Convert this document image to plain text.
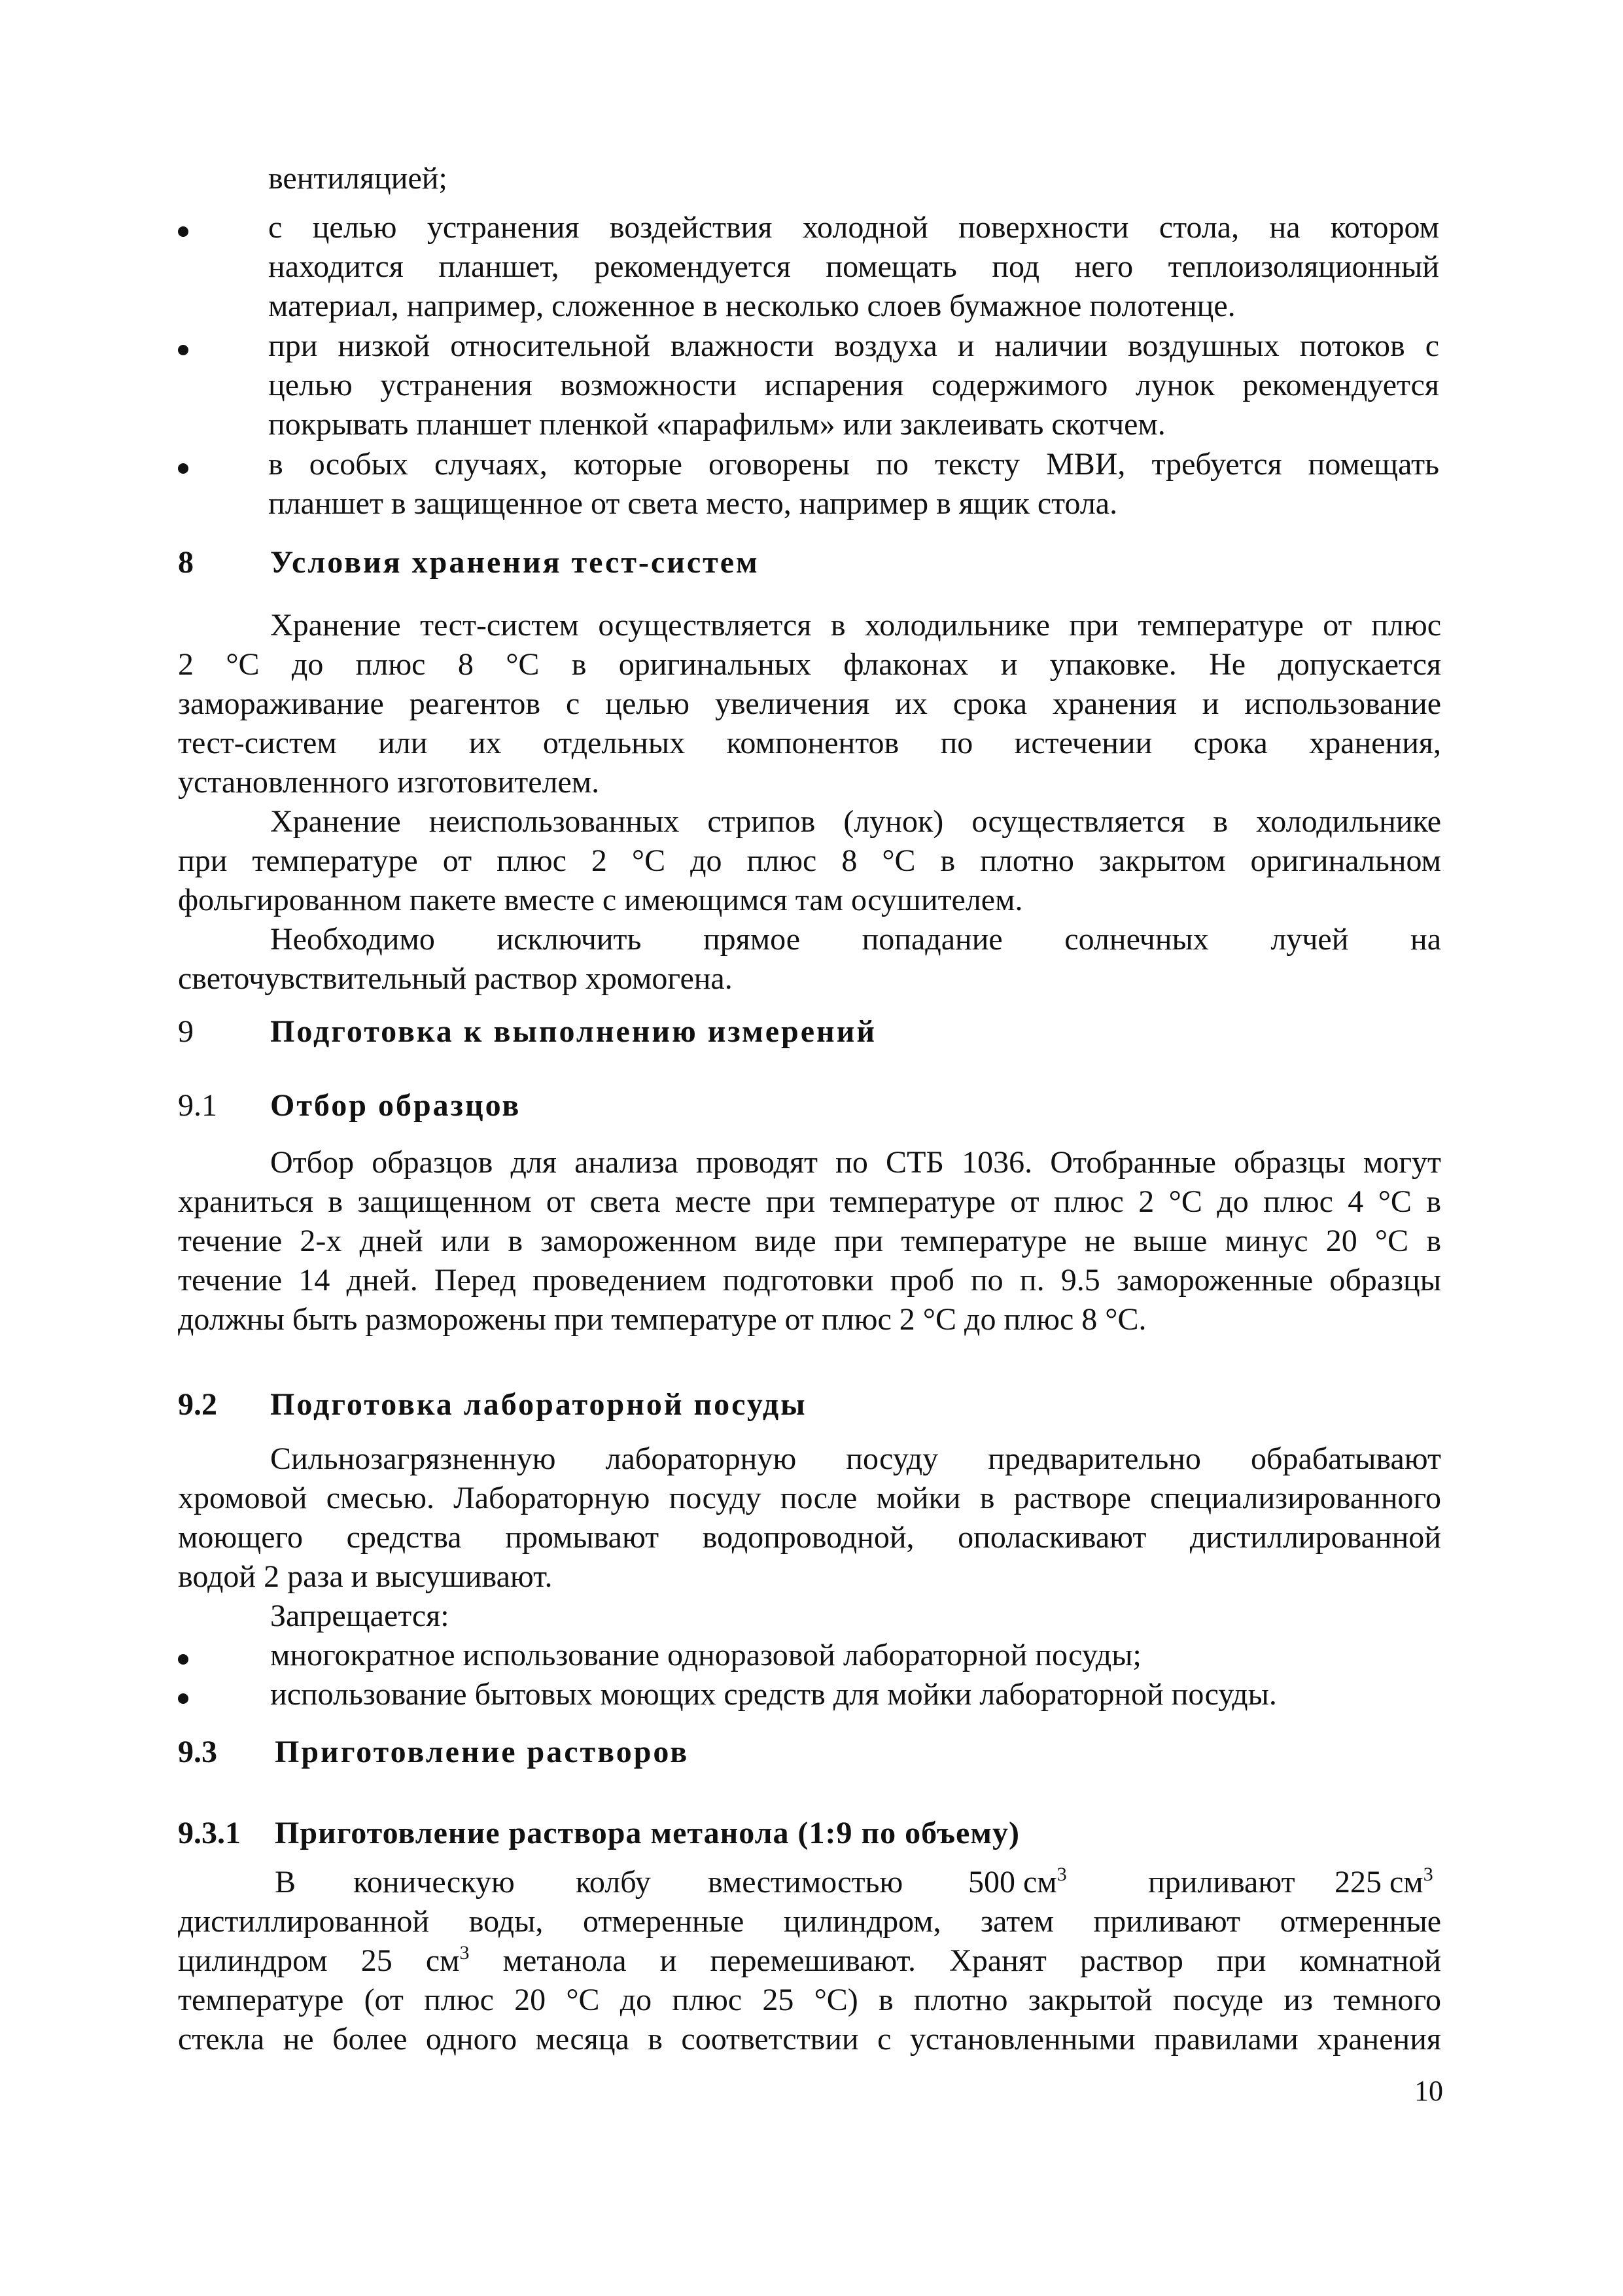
вентиляцией;
с целью устранения воздействия холодной поверхности стола, на котором
находится планшет, рекомендуется помещать под него теплоизоляционный
материал, например, сложенное в несколько слоев бумажное полотенце.
при низкой относительной влажности воздуха и наличии воздушных потоков с
целью устранения возможности испарения содержимого лунок рекомендуется
покрывать планшет пленкой «парафильм» или заклеивать скотчем.
в особых случаях, которые оговорены по тексту МВИ, требуется помещать
планшет в защищенное от света место, например в ящик стола.
8 Условия хранения тест-систем
Хранение тест-систем осуществляется в холодильнике при температуре от плюс
2 °С до плюс 8 °С в оригинальных флаконах и упаковке. Не допускается
замораживание реагентов с целью увеличения их срока хранения и использование
тест-систем или их отдельных компонентов по истечении срока хранения,
установленного изготовителем.
Хранение неиспользованных стрипов (лунок) осуществляется в холодильнике
при температуре от плюс 2 °С до плюс 8 °С в плотно закрытом оригинальном
фольгированном пакете вместе с имеющимся там осушителем.
Необходимо исключить прямое попадание солнечных лучей на
светочувствительный раствор хромогена.
9 Подготовка к выполнению измерений
9.1 Отбор образцов
Отбор образцов для анализа проводят по СТБ 1036. Отобранные образцы могут
храниться в защищенном от света месте при температуре от плюс 2 °С до плюс 4 °С в
течение 2-х дней или в замороженном виде при температуре не выше минус 20 °С в
течение 14 дней. Перед проведением подготовки проб по п. 9.5 замороженные образцы
должны быть разморожены при температуре от плюс 2 °С до плюс 8 °С.
9.2 Подготовка лабораторной посуды
Сильнозагрязненную лабораторную посуду предварительно обрабатывают
хромовой смесью. Лабораторную посуду после мойки в растворе специализированного
моющего средства промывают водопроводной, ополаскивают дистиллированной
водой 2 раза и высушивают.
Запрещается:
многократное использование одноразовой лабораторной посуды;
использование бытовых моющих средств для мойки лабораторной посуды.
9.3 Приготовление растворов
9.3.1 Приготовление раствора метанола (1:9 по объему)
В коническую колбу вместимостью 500 $см^3$	приливают 225 $см^3$
дистиллированной воды, отмеренные цилиндром, затем приливают отмеренные
цилиндром 25 $см^3$ метанола и перемешивают. Хранят раствор при комнатной
температуре (от плюс 20 °С до плюс 25 °С) в плотно закрытой посуде из темного
стекла не более одного месяца в соответствии с установленными правилами хранения
10
